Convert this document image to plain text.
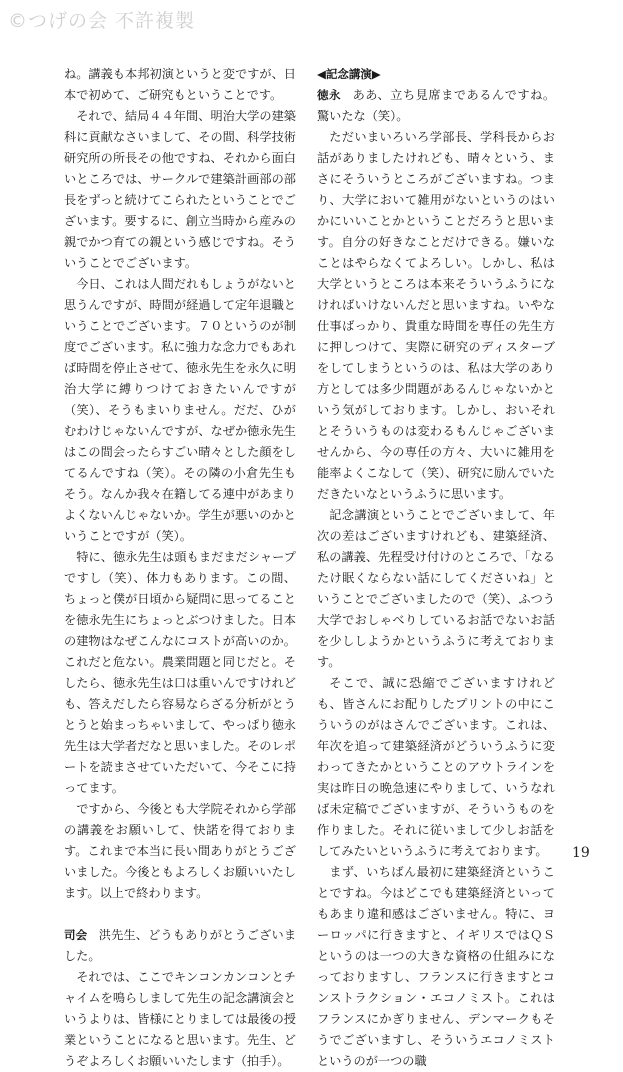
©つげの会 不許複製

ね。講義も本邦初演というと変ですが、日本で初めて、ご研究もということです。

それで、結局４４年間、明治大学の建築科に貢献なさいまして、その間、科学技術研究所の所長その他ですね、それから面白いところでは、サークルで建築計画部の部長をずっと続けてこられたということでございます。要するに、創立当時から産みの親でかつ育ての親という感じですね。そういうことでございます。

今日、これは人間だれもしょうがないと思うんですが、時間が経過して定年退職ということでございます。７０というのが制度でございます。私に強力な念力でもあれば時間を停止させて、徳永先生を永久に明治大学に縛りつけておきたいんですが（笑）、そうもまいりません。だだ、ひがむわけじゃないんですが、なぜか徳永先生はこの間会ったらすごい晴々とした顔をしてるんですね（笑）。その隣の小倉先生もそう。なんか我々在籍してる連中があまりよくないんじゃないか。学生が悪いのかということですが（笑）。

特に、徳永先生は頭もまだまだシャープですし（笑）、体力もあります。この間、ちょっと僕が日頃から疑問に思ってることを徳永先生にちょっとぶつけました。日本の建物はなぜこんなにコストが高いのか。これだと危ない。農業問題と同じだと。そしたら、徳永先生は口は重いんですけれども、答えだしたら容易ならざる分析がとうとうと始まっちゃいまして、やっぱり徳永先生は大学者だなと思いました。そのレポートを読まさせていただいて、今そこに持ってます。

ですから、今後とも大学院それから学部の講義をお願いして、快諾を得ております。これまで本当に長い間ありがとうございました。今後ともよろしくお願いいたします。以上で終わります。

司会 洪先生、どうもありがとうございました。

それでは、ここでキンコンカンコンとチャイムを鳴らしまして先生の記念講演会というよりは、皆様にとりましては最後の授業ということになると思います。先生、どうぞよろしくお願いいたします（拍手）。

◀記念講演▶

徳永 ああ、立ち見席まであるんですね。驚いたな（笑）。

ただいまいろいろ学部長、学科長からお話がありましたけれども、晴々という、まさにそういうところがございますね。つまり、大学において雑用がないというのはいかにいいことかということだろうと思います。自分の好きなことだけできる。嫌いなことはやらなくてよろしい。しかし、私は大学というところは本来そういうふうになければいけないんだと思いますね。いやな仕事ばっかり、貴重な時間を専任の先生方に押しつけて、実際に研究のディスターブをしてしまうというのは、私は大学のあり方としては多少問題があるんじゃないかという気がしております。しかし、おいそれとそういうものは変わるもんじゃございませんから、今の専任の方々、大いに雑用を能率よくこなして（笑）、研究に励んでいただきたいなというふうに思います。

記念講演ということでございまして、年次の差はございますけれども、建築経済、私の講義、先程受け付けのところで、「なるたけ眠くならない話にしてくださいね」ということでございましたので（笑）、ふつう大学でおしゃべりしているお話でないお話を少ししようかというふうに考えております。

そこで、誠に恐縮でございますけれども、皆さんにお配りしたプリントの中にこういうのがはさんでございます。これは、年次を追って建築経済がどういうふうに変わってきたかということのアウトラインを実は昨日の晩急速にやりまして、いうなれば未定稿でございますが、そういうものを作りました。それに従いまして少しお話をしてみたいというふうに考えております。

まず、いちばん最初に建築経済ということですね。今はどこでも建築経済といってもあまり違和感はございません。特に、ヨーロッパに行きますと、イギリスではＱＳというのは一つの大きな資格の仕組みになっておりますし、フランスに行きますとコンストラクション・エコノミスト。これはフランスにかぎりません、デンマークもそうでございますし、そういうエコノミストというのが一つの職

19
